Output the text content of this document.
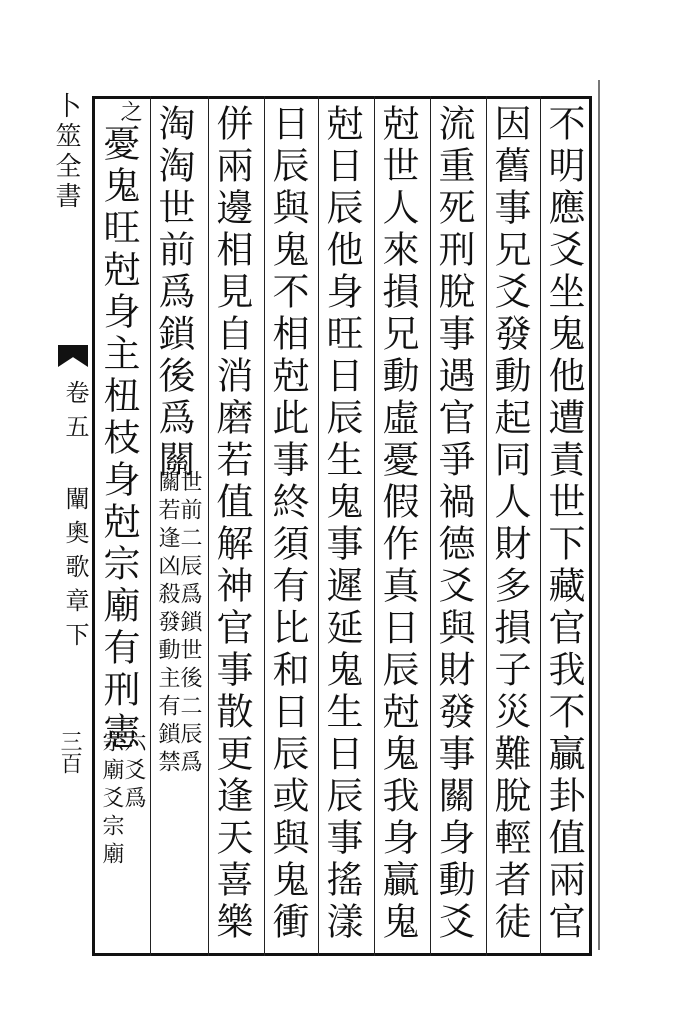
不明應爻坐鬼他遭責世下藏官我不贏卦值兩官
因舊事兄爻發動起同人財多損子災難脫輕者徒
流重死刑脫事遇官爭禍德爻與財發事關身動爻
尅世人來損兄動虛憂假作真日辰尅鬼我身贏鬼
尅日辰他身旺日辰生鬼事遲延鬼生日辰事搖漾
日辰與鬼不相尅此事終須有比和日辰或與鬼衝
併兩邊相見自消磨若值解神官事散更逢天喜樂
淘淘世前爲鎖後爲關
世前二辰爲鎖世後二辰爲
關若逢凶殺發動主有鎖禁
憂鬼旺尅身主杻枝身尅宗廟有刑憲
六爻爲
宗廟爻宗廟
之
卜筮全書
卷五 闡奧歌章下
三百
